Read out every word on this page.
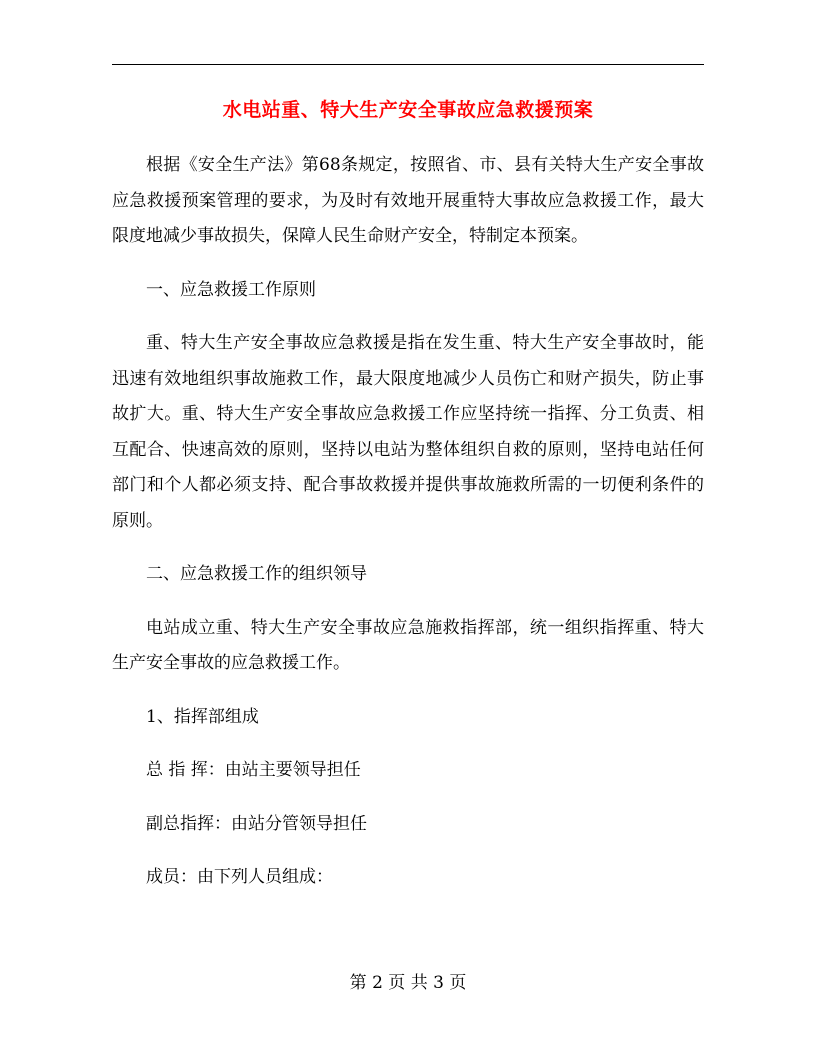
水电站重、特大生产安全事故应急救援预案

根据《安全生产法》第68条规定，按照省、市、县有关特大生产安全事故应急救援预案管理的要求，为及时有效地开展重特大事故应急救援工作，最大限度地减少事故损失，保障人民生命财产安全，特制定本预案。

一、应急救援工作原则

重、特大生产安全事故应急救援是指在发生重、特大生产安全事故时，能迅速有效地组织事故施救工作，最大限度地减少人员伤亡和财产损失，防止事故扩大。重、特大生产安全事故应急救援工作应坚持统一指挥、分工负责、相互配合、快速高效的原则，坚持以电站为整体组织自救的原则，坚持电站任何部门和个人都必须支持、配合事故救援并提供事故施救所需的一切便利条件的原则。

二、应急救援工作的组织领导

电站成立重、特大生产安全事故应急施救指挥部，统一组织指挥重、特大生产安全事故的应急救援工作。

1、指挥部组成

总 指 挥：由站主要领导担任

副总指挥：由站分管领导担任

成员：由下列人员组成：

第 2 页 共 3 页
